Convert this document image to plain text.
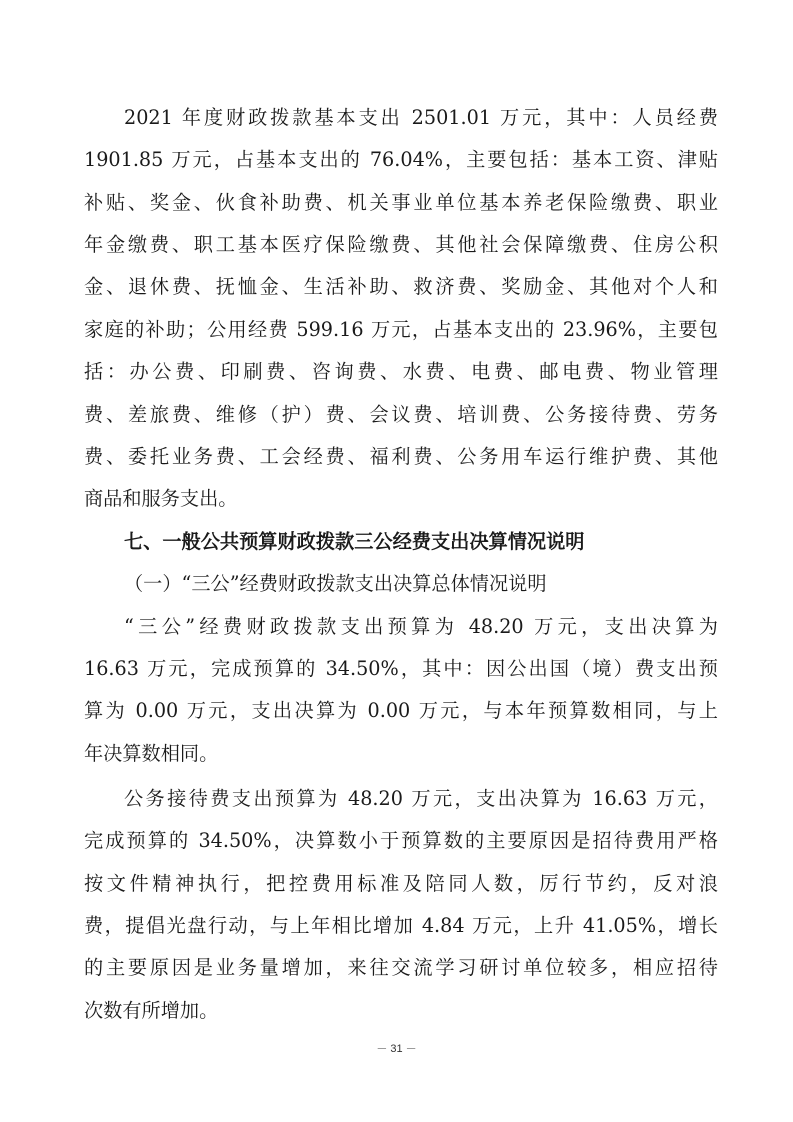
2021 年度财政拨款基本支出 2501.01 万元，其中：人员经费
1901.85 万元，占基本支出的 76.04%，主要包括：基本工资、津贴
补贴、奖金、伙食补助费、机关事业单位基本养老保险缴费、职业
年金缴费、职工基本医疗保险缴费、其他社会保障缴费、住房公积
金、退休费、抚恤金、生活补助、救济费、奖励金、其他对个人和
家庭的补助；公用经费 599.16 万元，占基本支出的 23.96%，主要包
括：办公费、印刷费、咨询费、水费、电费、邮电费、物业管理
费、差旅费、维修（护）费、会议费、培训费、公务接待费、劳务
费、委托业务费、工会经费、福利费、公务用车运行维护费、其他
商品和服务支出。
七、一般公共预算财政拨款三公经费支出决算情况说明
（一）“三公”经费财政拨款支出决算总体情况说明
“三公”经费财政拨款支出预算为 48.20 万元，支出决算为
16.63 万元，完成预算的 34.50%，其中：因公出国（境）费支出预
算为 0.00 万元，支出决算为 0.00 万元，与本年预算数相同，与上
年决算数相同。
公务接待费支出预算为 48.20 万元，支出决算为 16.63 万元，
完成预算的 34.50%，决算数小于预算数的主要原因是招待费用严格
按文件精神执行，把控费用标准及陪同人数，厉行节约，反对浪
费，提倡光盘行动，与上年相比增加 4.84 万元，上升 41.05%，增长
的主要原因是业务量增加，来往交流学习研讨单位较多，相应招待
次数有所增加。
－ 31 －
